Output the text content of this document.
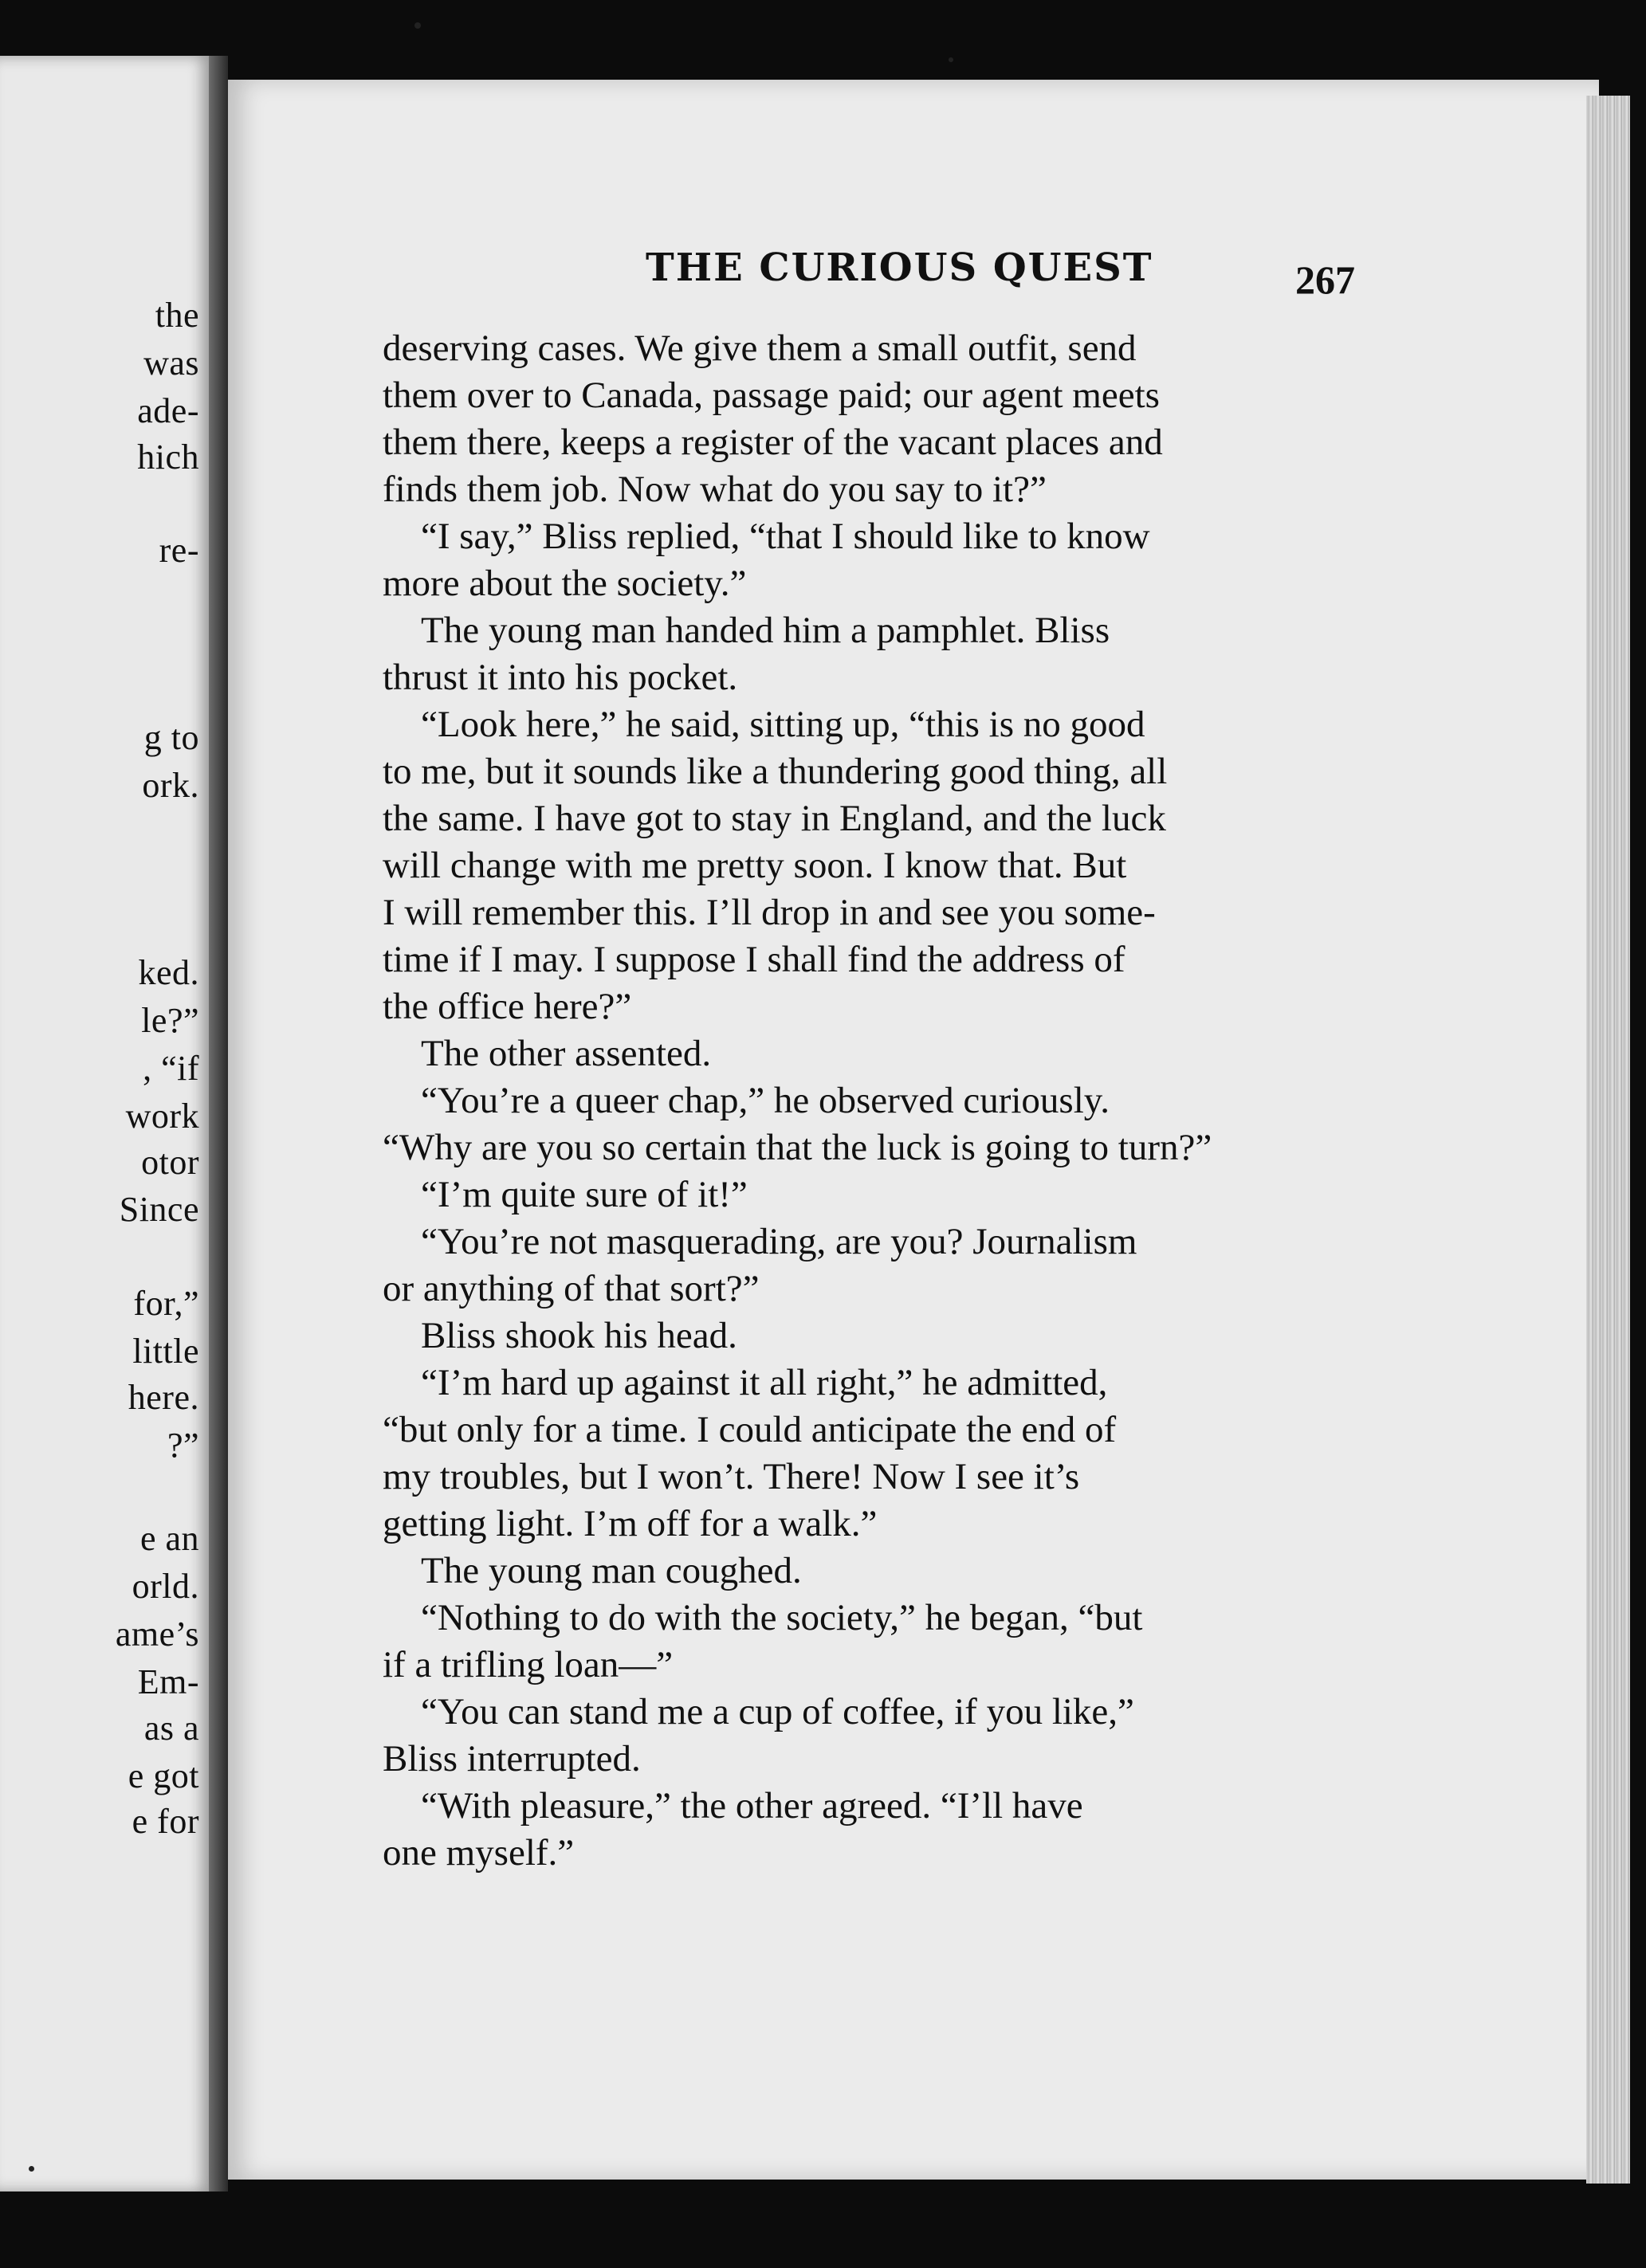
the
was
ade-
hich
re-
g to
ork.
ked.
le?”
, “if
work
otor
Since
for,”
little
here.
?”
e an
orld.
ame’s
Em-
as a
e got
e for
THE CURIOUS QUEST	267
deserving cases. We give them a small outfit, send
them over to Canada, passage paid; our agent meets
them there, keeps a register of the vacant places and
finds them job. Now what do you say to it?”
“I say,” Bliss replied, “that I should like to know
more about the society.”
The young man handed him a pamphlet. Bliss
thrust it into his pocket.
“Look here,” he said, sitting up, “this is no good
to me, but it sounds like a thundering good thing, all
the same. I have got to stay in England, and the luck
will change with me pretty soon. I know that. But
I will remember this. I’ll drop in and see you some-
time if I may. I suppose I shall find the address of
the office here?”
The other assented.
“You’re a queer chap,” he observed curiously.
“Why are you so certain that the luck is going to turn?”
“I’m quite sure of it!”
“You’re not masquerading, are you? Journalism
or anything of that sort?”
Bliss shook his head.
“I’m hard up against it all right,” he admitted,
“but only for a time. I could anticipate the end of
my troubles, but I won’t. There! Now I see it’s
getting light. I’m off for a walk.”
The young man coughed.
“Nothing to do with the society,” he began, “but
if a trifling loan—”
“You can stand me a cup of coffee, if you like,”
Bliss interrupted.
“With pleasure,” the other agreed. “I’ll have
one myself.”
